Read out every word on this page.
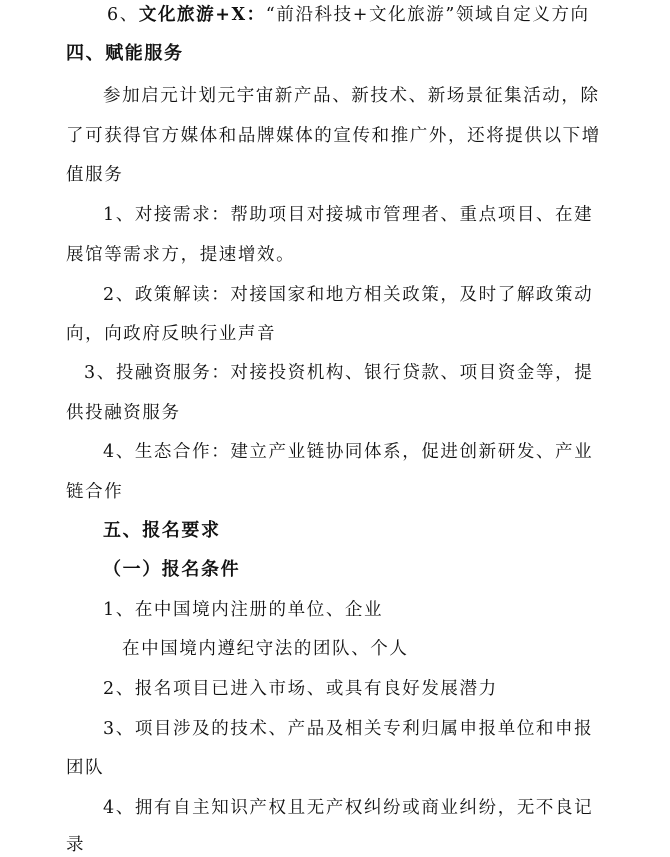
6、文化旅游+X：“前沿科技+文化旅游”领域自定义方向
四、赋能服务
参加启元计划元宇宙新产品、新技术、新场景征集活动，除
了可获得官方媒体和品牌媒体的宣传和推广外，还将提供以下增
值服务
1、对接需求：帮助项目对接城市管理者、重点项目、在建
展馆等需求方，提速增效。
2、政策解读：对接国家和地方相关政策，及时了解政策动
向，向政府反映行业声音
3、投融资服务：对接投资机构、银行贷款、项目资金等，提
供投融资服务
4、生态合作：建立产业链协同体系，促进创新研发、产业
链合作
五、报名要求
（一）报名条件
1、在中国境内注册的单位、企业
在中国境内遵纪守法的团队、个人
2、报名项目已进入市场、或具有良好发展潜力
3、项目涉及的技术、产品及相关专利归属申报单位和申报
团队
4、拥有自主知识产权且无产权纠纷或商业纠纷，无不良记
录
